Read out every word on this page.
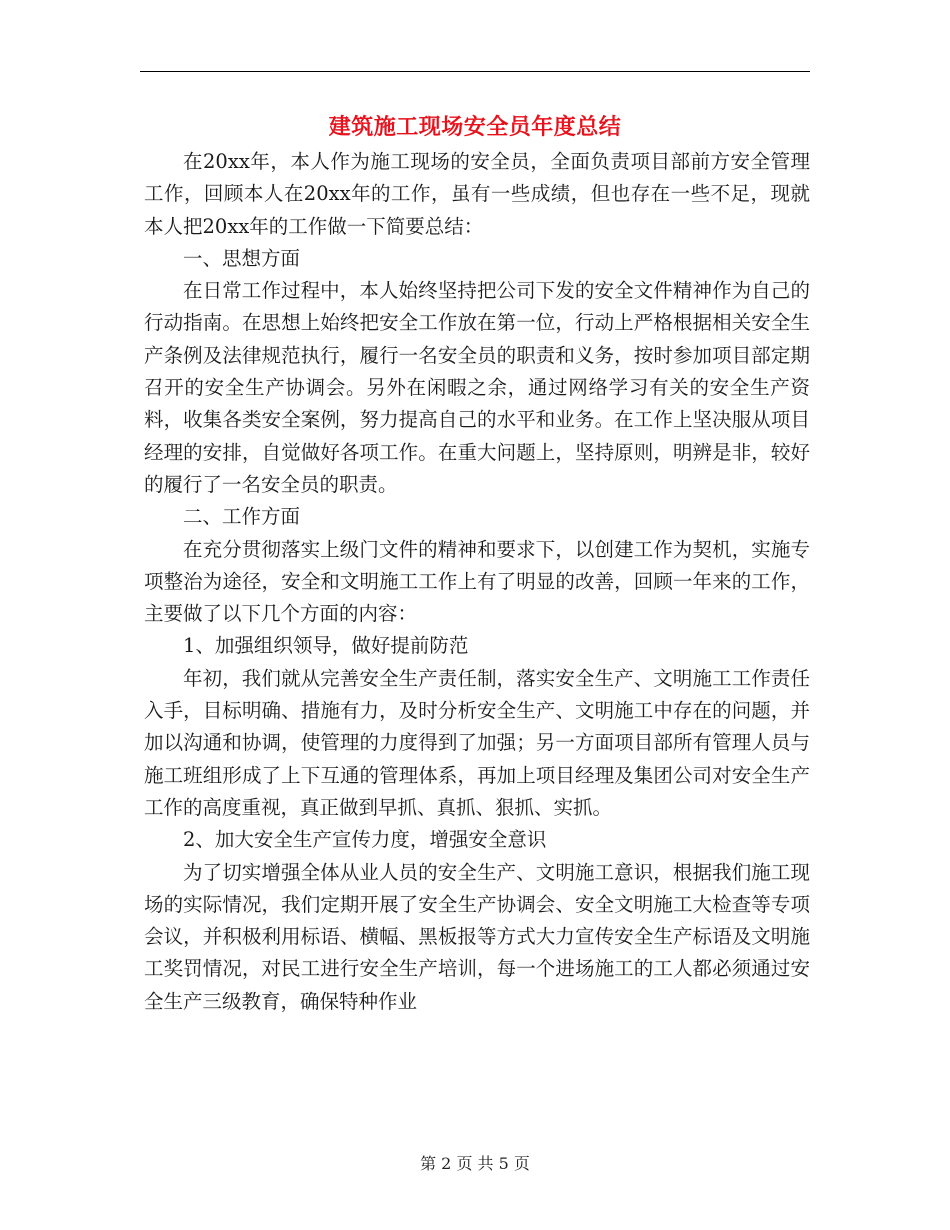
建筑施工现场安全员年度总结

在20xx年，本人作为施工现场的安全员，全面负责项目部前方安全管理工作，回顾本人在20xx年的工作，虽有一些成绩，但也存在一些不足，现就本人把20xx年的工作做一下简要总结：

一、思想方面

在日常工作过程中，本人始终坚持把公司下发的安全文件精神作为自己的行动指南。在思想上始终把安全工作放在第一位，行动上严格根据相关安全生产条例及法律规范执行，履行一名安全员的职责和义务，按时参加项目部定期召开的安全生产协调会。另外在闲暇之余，通过网络学习有关的安全生产资料，收集各类安全案例，努力提高自己的水平和业务。在工作上坚决服从项目经理的安排，自觉做好各项工作。在重大问题上，坚持原则，明辨是非，较好的履行了一名安全员的职责。

二、工作方面

在充分贯彻落实上级门文件的精神和要求下，以创建工作为契机，实施专项整治为途径，安全和文明施工工作上有了明显的改善，回顾一年来的工作，主要做了以下几个方面的内容：

1、加强组织领导，做好提前防范

年初，我们就从完善安全生产责任制，落实安全生产、文明施工工作责任入手，目标明确、措施有力，及时分析安全生产、文明施工中存在的问题，并加以沟通和协调，使管理的力度得到了加强；另一方面项目部所有管理人员与施工班组形成了上下互通的管理体系，再加上项目经理及集团公司对安全生产工作的高度重视，真正做到早抓、真抓、狠抓、实抓。

2、加大安全生产宣传力度，增强安全意识

为了切实增强全体从业人员的安全生产、文明施工意识，根据我们施工现场的实际情况，我们定期开展了安全生产协调会、安全文明施工大检查等专项会议，并积极利用标语、横幅、黑板报等方式大力宣传安全生产标语及文明施工奖罚情况，对民工进行安全生产培训，每一个进场施工的工人都必须通过安全生产三级教育，确保特种作业

第 2 页 共 5 页
